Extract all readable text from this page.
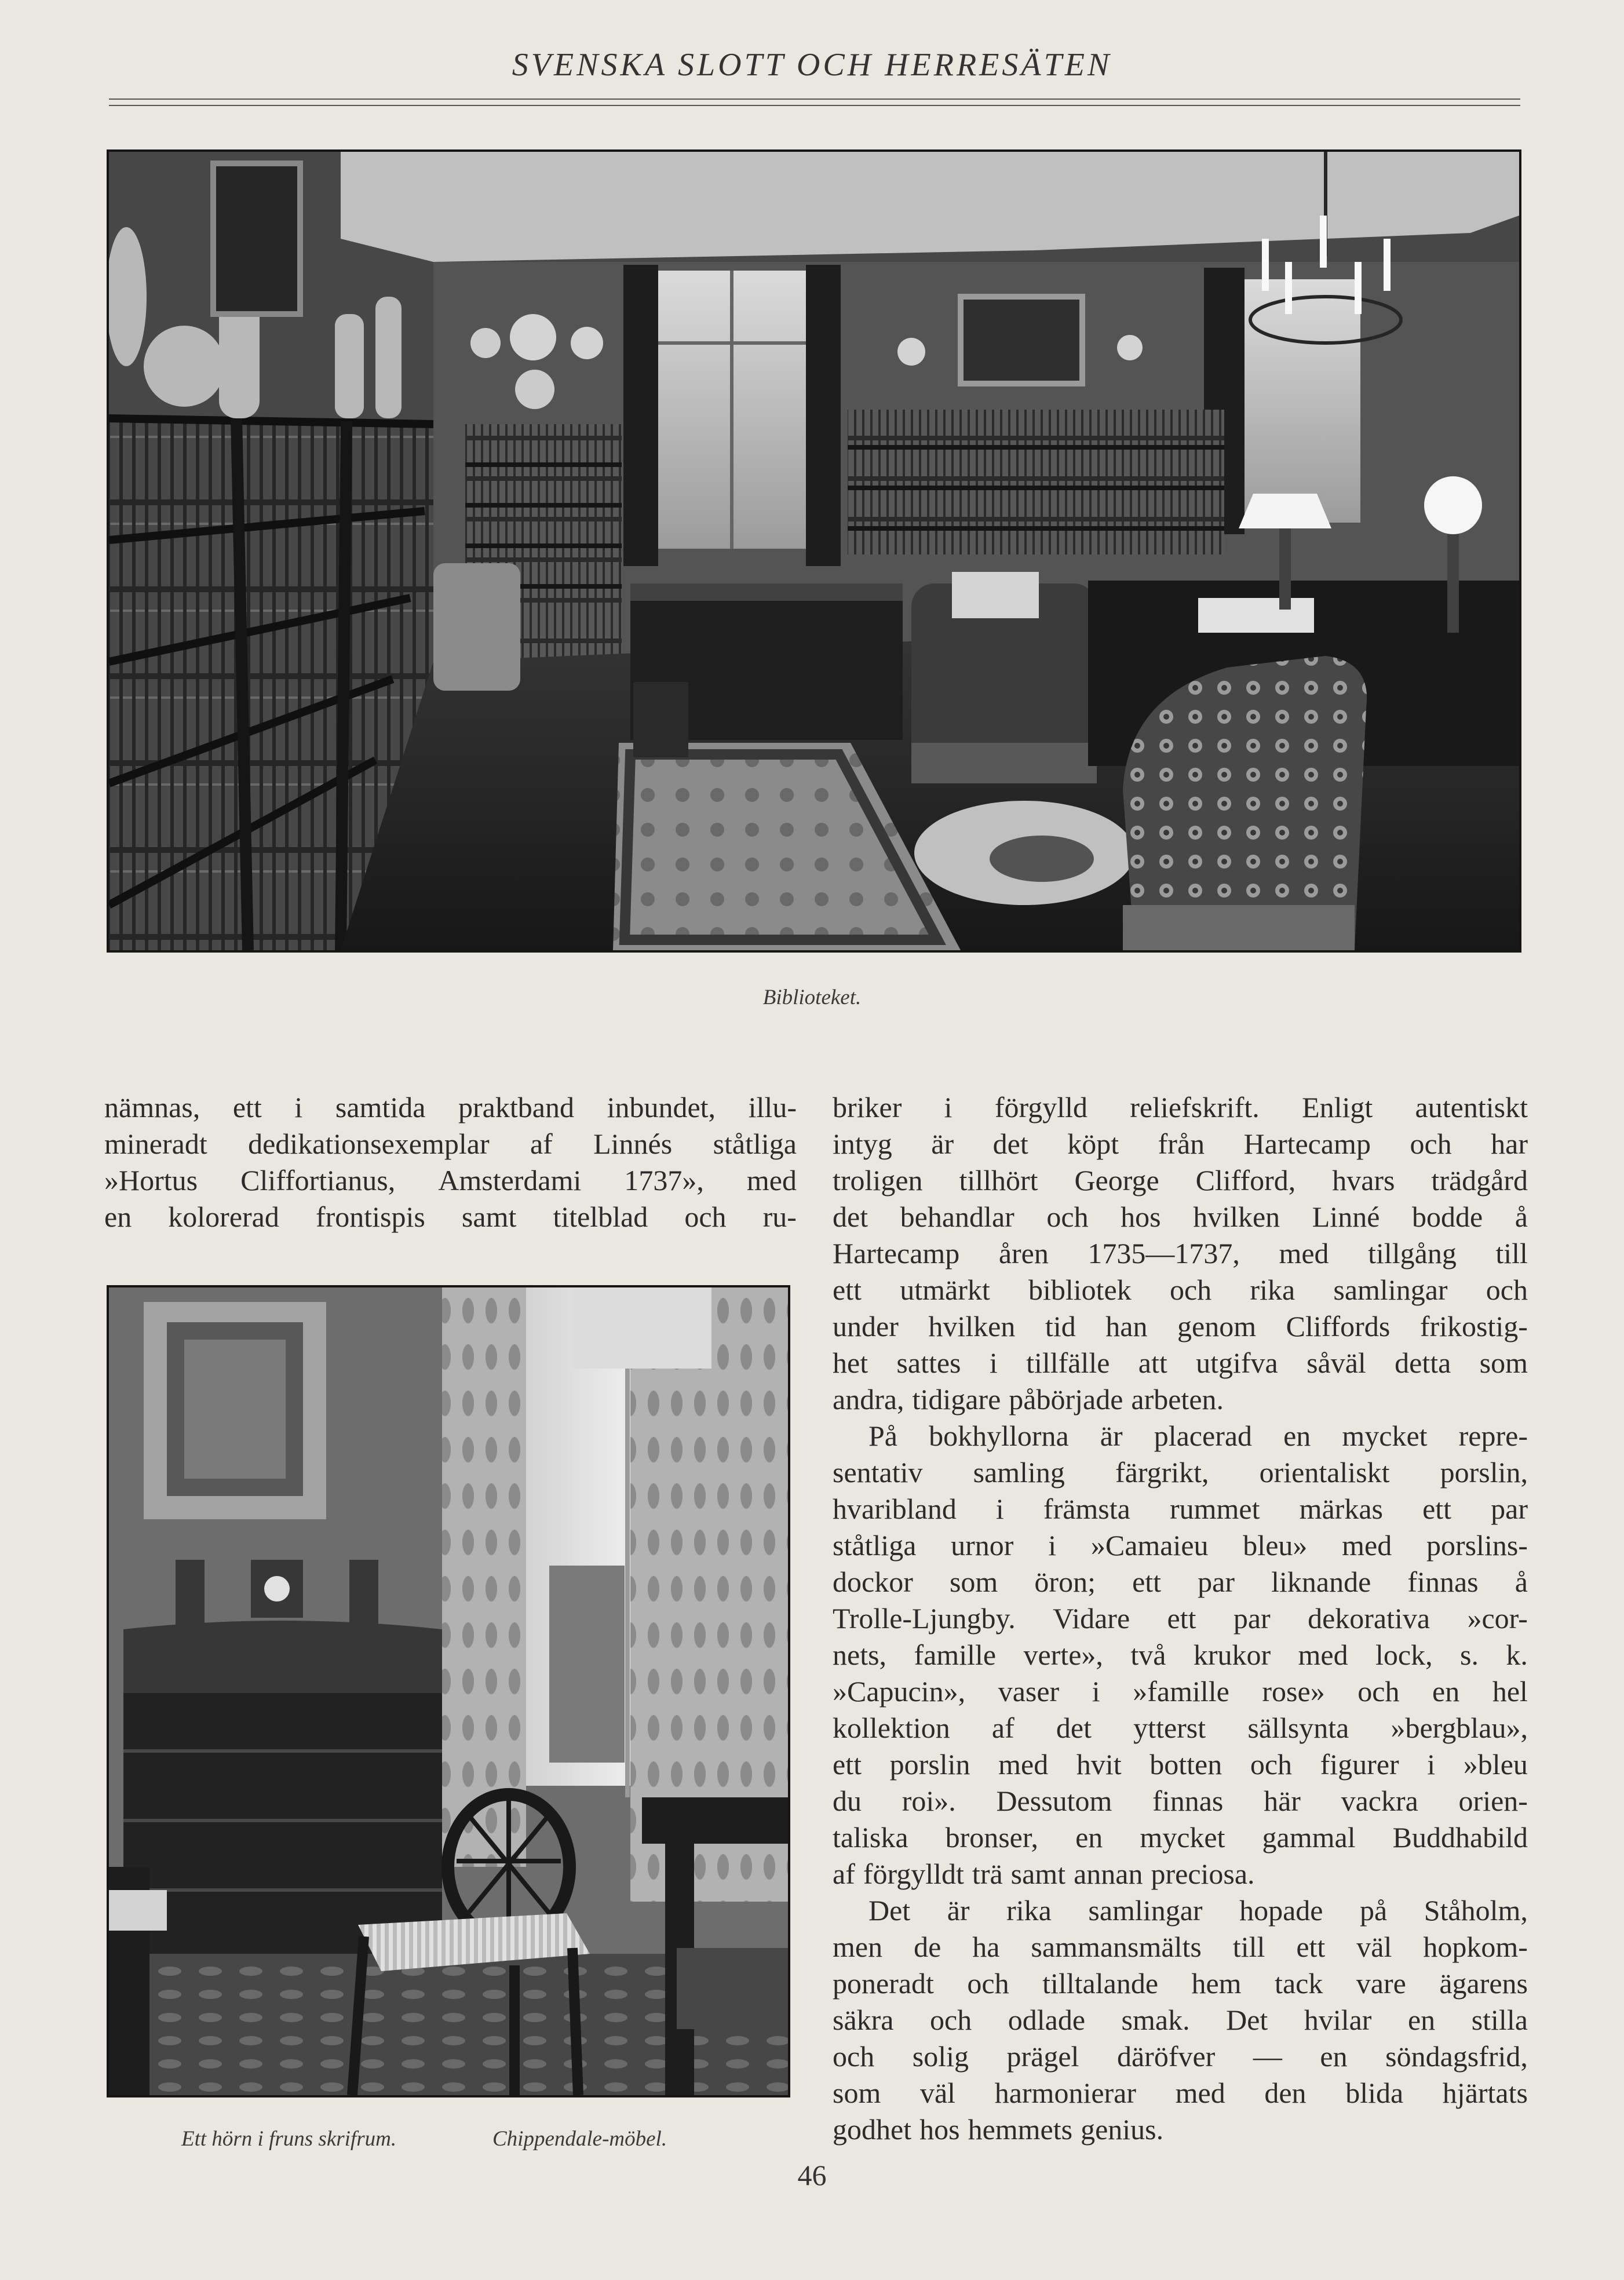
SVENSKA SLOTT OCH HERRESÄTEN
Biblioteket.
nämnas, ett i samtida praktband inbundet, illu-
mineradt dedikationsexemplar af Linnés ståtliga
»Hortus Cliffortianus, Amsterdami 1737», med
en kolorerad frontispis samt titelblad och ru-
Ett hörn i fruns skrifrum.	Chippendale-möbel.
briker i förgylld reliefskrift. Enligt autentiskt
intyg är det köpt från Hartecamp och har
troligen tillhört George Clifford, hvars trädgård
det behandlar och hos hvilken Linné bodde å
Hartecamp åren 1735—1737, med tillgång till
ett utmärkt bibliotek och rika samlingar och
under hvilken tid han genom Cliffords frikostig-
het sattes i tillfälle att utgifva såväl detta som
andra, tidigare påbörjade arbeten.
På bokhyllorna är placerad en mycket repre-
sentativ samling färgrikt, orientaliskt porslin,
hvaribland i främsta rummet märkas ett par
ståtliga urnor i »Camaieu bleu» med porslins-
dockor som öron; ett par liknande finnas å
Trolle-Ljungby. Vidare ett par dekorativa »cor-
nets, famille verte», två krukor med lock, s. k.
»Capucin», vaser i »famille rose» och en hel
kollektion af det ytterst sällsynta »bergblau»,
ett porslin med hvit botten och figurer i »bleu
du roi». Dessutom finnas här vackra orien-
taliska bronser, en mycket gammal Buddhabild
af förgylldt trä samt annan preciosa.
Det är rika samlingar hopade på Ståholm,
men de ha sammansmälts till ett väl hopkom-
poneradt och tilltalande hem tack vare ägarens
säkra och odlade smak. Det hvilar en stilla
och solig prägel däröfver — en söndagsfrid,
som väl harmonierar med den blida hjärtats
godhet hos hemmets genius.
46
